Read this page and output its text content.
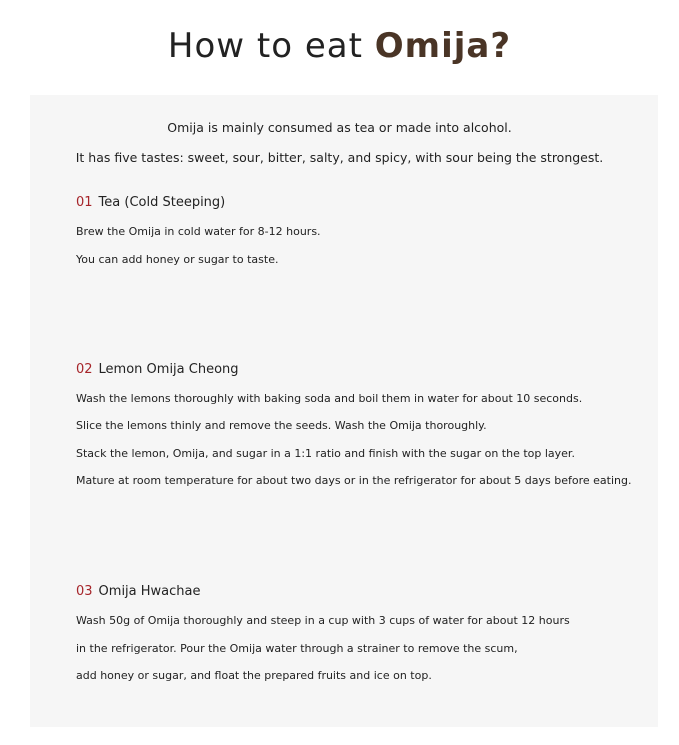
How to eat Omija?

Omija is mainly consumed as tea or made into alcohol.

It has five tastes: sweet, sour, bitter, salty, and spicy, with sour being the strongest.

01 Tea (Cold Steeping)

Brew the Omija in cold water for 8-12 hours.

You can add honey or sugar to taste.

02 Lemon Omija Cheong

Wash the lemons thoroughly with baking soda and boil them in water for about 10 seconds.

Slice the lemons thinly and remove the seeds. Wash the Omija thoroughly.

Stack the lemon, Omija, and sugar in a 1:1 ratio and finish with the sugar on the top layer.

Mature at room temperature for about two days or in the refrigerator for about 5 days before eating.

03 Omija Hwachae

Wash 50g of Omija thoroughly and steep in a cup with 3 cups of water for about 12 hours

in the refrigerator. Pour the Omija water through a strainer to remove the scum,

add honey or sugar, and float the prepared fruits and ice on top.
